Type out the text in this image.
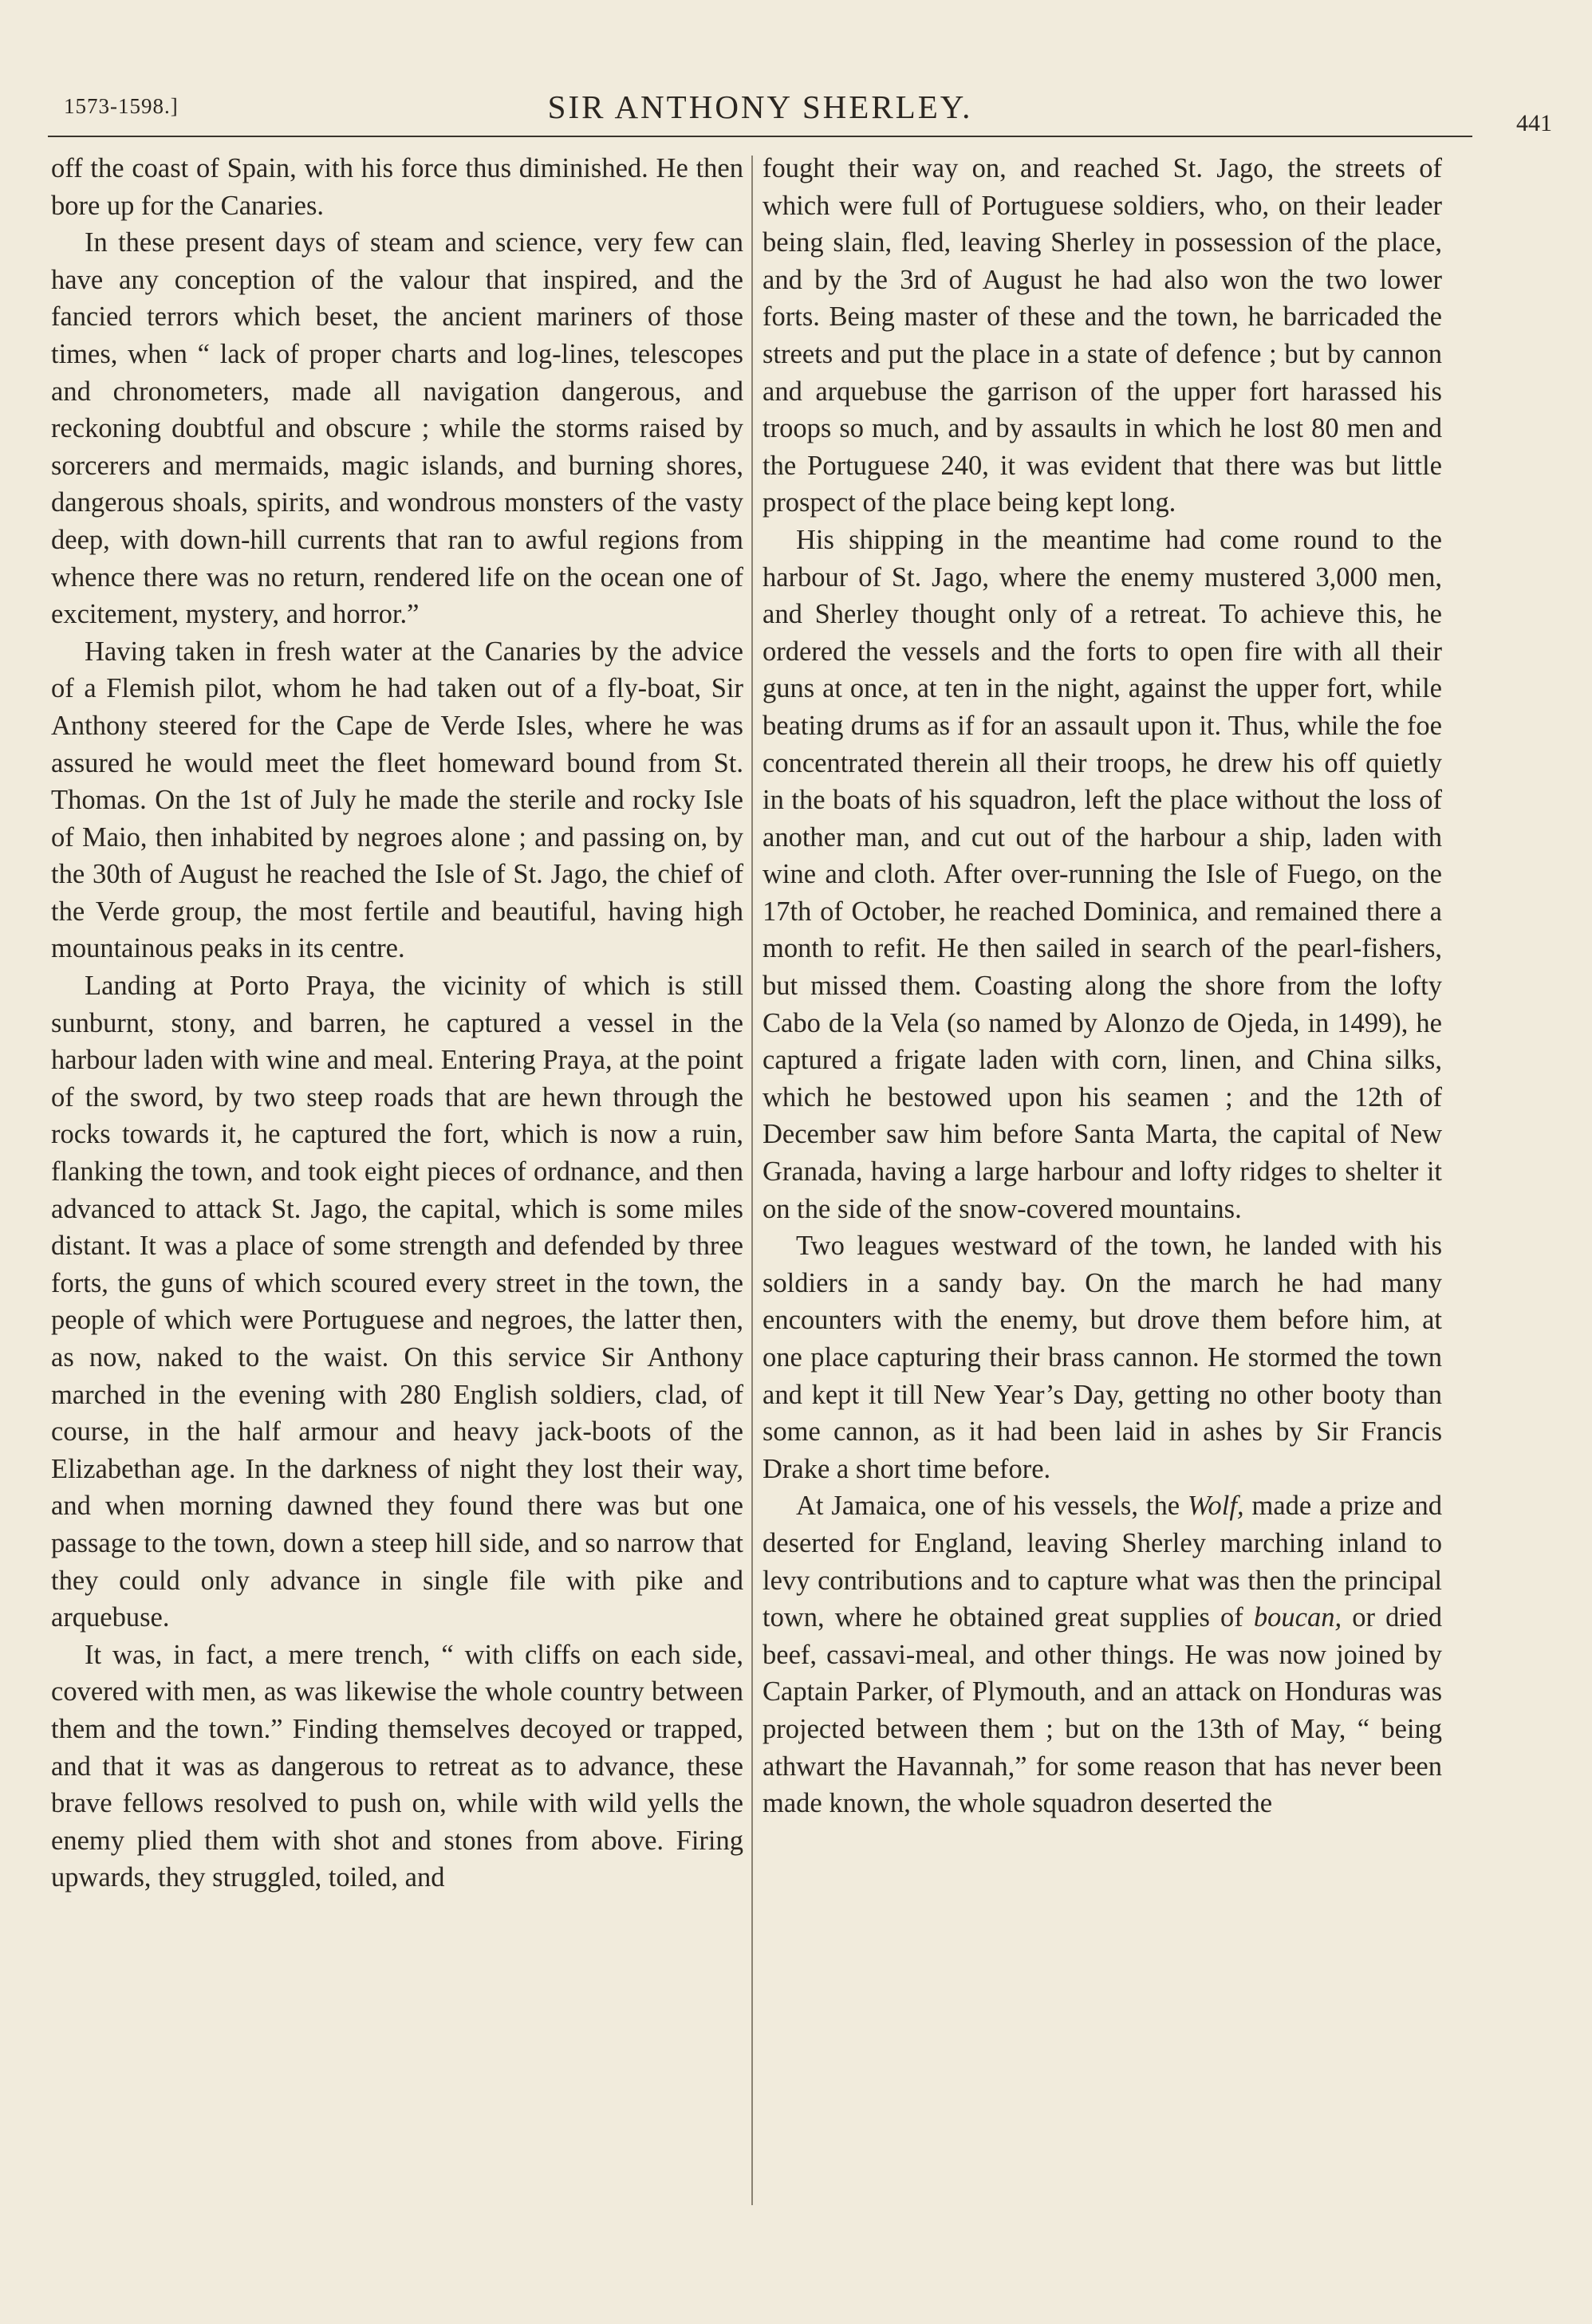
1573-1598.]	SIR ANTHONY SHERLEY.	441

off the coast of Spain, with his force thus diminished. He then bore up for the Canaries.

In these present days of steam and science, very few can have any conception of the valour that inspired, and the fancied terrors which beset, the ancient mariners of those times, when “ lack of proper charts and log-lines, telescopes and chronometers, made all navigation dangerous, and reckoning doubtful and obscure ; while the storms raised by sorcerers and mermaids, magic islands, and burning shores, dangerous shoals, spirits, and wondrous monsters of the vasty deep, with down-hill currents that ran to awful regions from whence there was no return, rendered life on the ocean one of excitement, mystery, and horror.”

Having taken in fresh water at the Canaries by the advice of a Flemish pilot, whom he had taken out of a fly-boat, Sir Anthony steered for the Cape de Verde Isles, where he was assured he would meet the fleet homeward bound from St. Thomas. On the 1st of July he made the sterile and rocky Isle of Maio, then inhabited by negroes alone ; and passing on, by the 30th of August he reached the Isle of St. Jago, the chief of the Verde group, the most fertile and beautiful, having high mountainous peaks in its centre.

Landing at Porto Praya, the vicinity of which is still sunburnt, stony, and barren, he captured a vessel in the harbour laden with wine and meal. Entering Praya, at the point of the sword, by two steep roads that are hewn through the rocks towards it, he captured the fort, which is now a ruin, flanking the town, and took eight pieces of ordnance, and then advanced to attack St. Jago, the capital, which is some miles distant. It was a place of some strength and defended by three forts, the guns of which scoured every street in the town, the people of which were Portuguese and negroes, the latter then, as now, naked to the waist. On this service Sir Anthony marched in the evening with 280 English soldiers, clad, of course, in the half armour and heavy jack-boots of the Elizabethan age. In the darkness of night they lost their way, and when morning dawned they found there was but one passage to the town, down a steep hill side, and so narrow that they could only advance in single file with pike and arquebuse.

It was, in fact, a mere trench, “ with cliffs on each side, covered with men, as was likewise the whole country between them and the town.” Finding themselves decoyed or trapped, and that it was as dangerous to retreat as to advance, these brave fellows resolved to push on, while with wild yells the enemy plied them with shot and stones from above. Firing upwards, they struggled, toiled, and

fought their way on, and reached St. Jago, the streets of which were full of Portuguese soldiers, who, on their leader being slain, fled, leaving Sherley in possession of the place, and by the 3rd of August he had also won the two lower forts. Being master of these and the town, he barricaded the streets and put the place in a state of defence ; but by cannon and arquebuse the garrison of the upper fort harassed his troops so much, and by assaults in which he lost 80 men and the Portuguese 240, it was evident that there was but little prospect of the place being kept long.

His shipping in the meantime had come round to the harbour of St. Jago, where the enemy mustered 3,000 men, and Sherley thought only of a retreat. To achieve this, he ordered the vessels and the forts to open fire with all their guns at once, at ten in the night, against the upper fort, while beating drums as if for an assault upon it. Thus, while the foe concentrated therein all their troops, he drew his off quietly in the boats of his squadron, left the place without the loss of another man, and cut out of the harbour a ship, laden with wine and cloth. After over-running the Isle of Fuego, on the 17th of October, he reached Dominica, and remained there a month to refit. He then sailed in search of the pearl-fishers, but missed them. Coasting along the shore from the lofty Cabo de la Vela (so named by Alonzo de Ojeda, in 1499), he captured a frigate laden with corn, linen, and China silks, which he bestowed upon his seamen ; and the 12th of December saw him before Santa Marta, the capital of New Granada, having a large harbour and lofty ridges to shelter it on the side of the snow-covered mountains.

Two leagues westward of the town, he landed with his soldiers in a sandy bay. On the march he had many encounters with the enemy, but drove them before him, at one place capturing their brass cannon. He stormed the town and kept it till New Year’s Day, getting no other booty than some cannon, as it had been laid in ashes by Sir Francis Drake a short time before.

At Jamaica, one of his vessels, the Wolf, made a prize and deserted for England, leaving Sherley marching inland to levy contributions and to capture what was then the principal town, where he obtained great supplies of boucan, or dried beef, cassavi-meal, and other things. He was now joined by Captain Parker, of Plymouth, and an attack on Honduras was projected between them ; but on the 13th of May, “ being athwart the Havannah,” for some reason that has never been made known, the whole squadron deserted the
